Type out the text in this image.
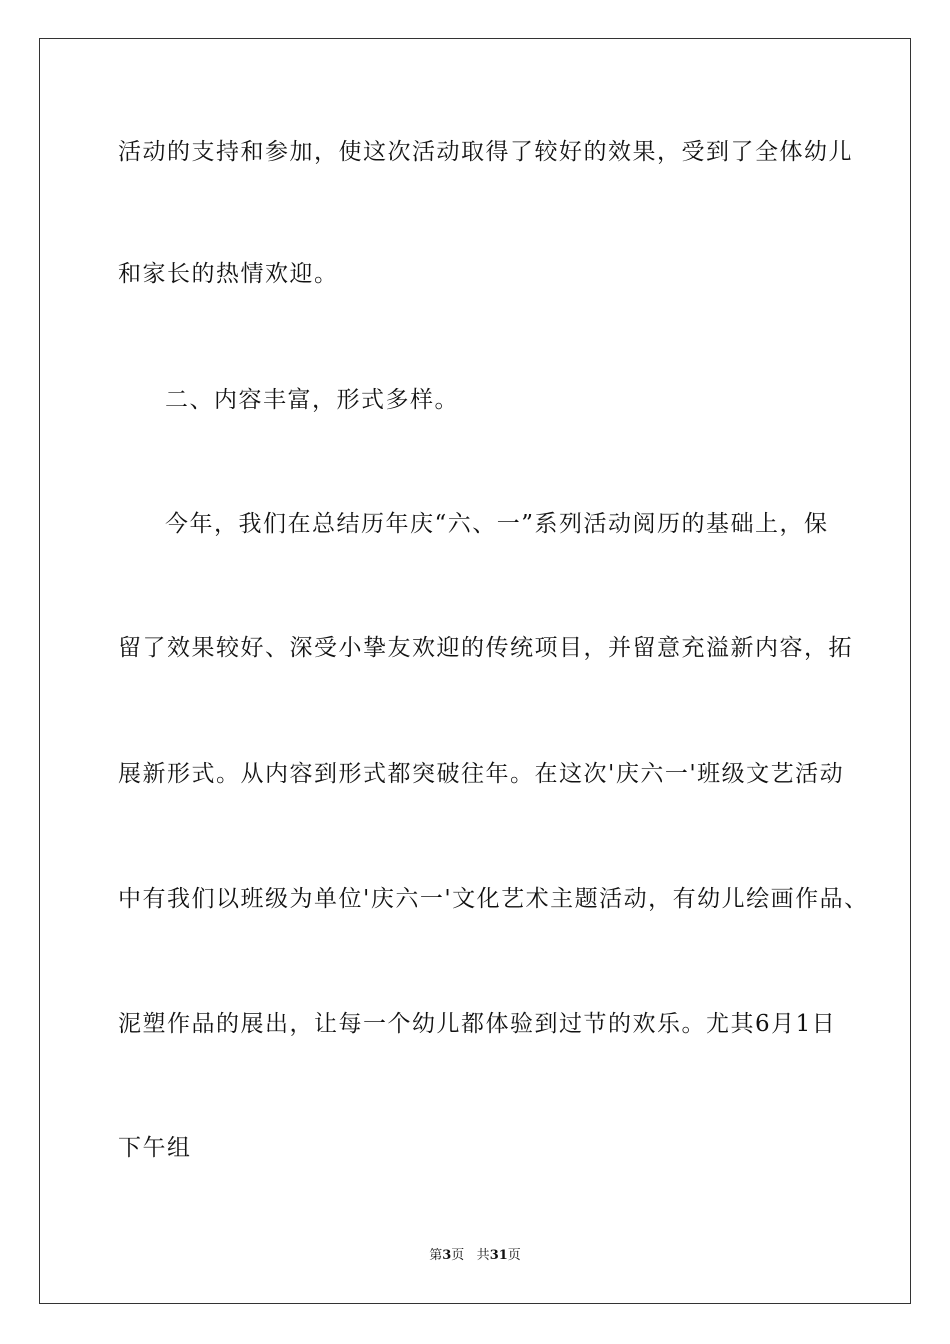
活动的支持和参加，使这次活动取得了较好的效果，受到了全体幼儿
和家长的热情欢迎。
二、内容丰富，形式多样。
今年，我们在总结历年庆“六、一”系列活动阅历的基础上，保
留了效果较好、深受小挚友欢迎的传统项目，并留意充溢新内容，拓
展新形式。从内容到形式都突破往年。在这次'庆六一'班级文艺活动
中有我们以班级为单位'庆六一'文化艺术主题活动，有幼儿绘画作品、
泥塑作品的展出，让每一个幼儿都体验到过节的欢乐。尤其6月1日
下午组
第3页 共31页
